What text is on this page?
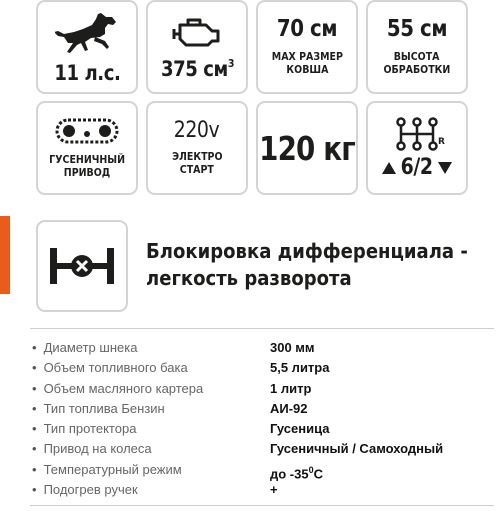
11 л.с. 375 $см^3$
70 см
MAX РАЗМЕР
КОВША
55 см
ВЫСОТА
ОБРАБОТКИ
ГУСЕНИЧНЫЙ
ПРИВОД
220v
ЭЛЕКТРО
СТАРТ
120 кг	R
6/2
Блокировка дифференциала -
легкость разворота
• Диаметр шнека	300 мм
• Объем топливного бака	5,5 литра
• Объем масляного картера	1 литр
• Тип топлива Бензин	АИ-92
• Тип протектора	Гусеница
• Привод на колеса	Гусеничный / Самоходный
• Температурный режим	до $-35^0С$
• Подогрев ручек	+
